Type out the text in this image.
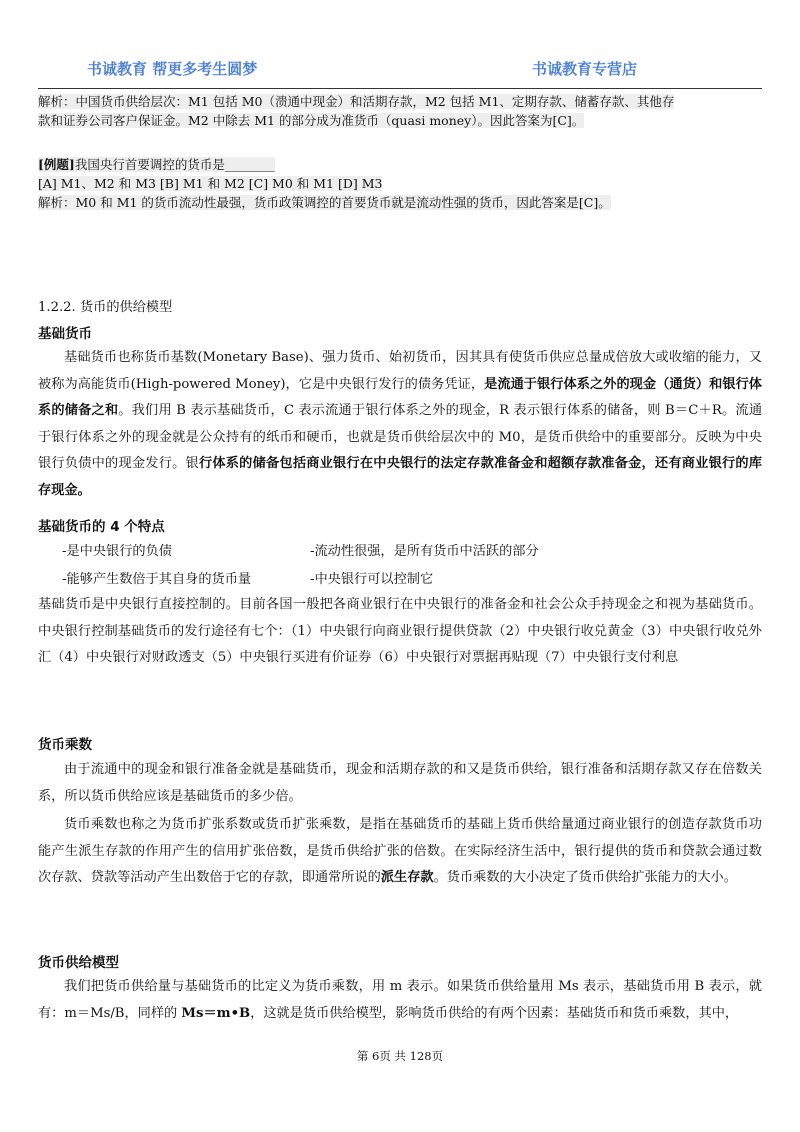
书诚教育 帮更多考生圆梦	书诚教育专营店
解析：中国货币供给层次：M1 包括 M0（溃通中现金）和活期存款，M2 包括 M1、定期存款、储蓄存款、其他存
款和证券公司客户保证金。M2 中除去 M1 的部分成为准货币（quasi money）。因此答案为[C]。
[例题]我国央行首要调控的货币是________
[A] M1、M2 和 M3 [B] M1 和 M2 [C] M0 和 M1 [D] M3
解析：M0 和 M1 的货币流动性最强，货币政策调控的首要货币就是流动性强的货币，因此答案是[C]。
1.2.2. 货币的供给模型
基础货币
基础货币也称货币基数(Monetary Base)、强力货币、始初货币，因其具有使货币供应总量成倍放大或收缩的能力，又被称为高能货币(High-powered Money)，它是中央银行发行的债务凭证，是流通于银行体系之外的现金（通货）和银行体系的储备之和。我们用 B 表示基础货币，C 表示流通于银行体系之外的现金，R 表示银行体系的储备，则 B＝C＋R。流通于银行体系之外的现金就是公众持有的纸币和硬币，也就是货币供给层次中的 M0，是货币供给中的重要部分。反映为中央银行负债中的现金发行。银行体系的储备包括商业银行在中央银行的法定存款准备金和超额存款准备金，还有商业银行的库存现金。
基础货币的 4 个特点
-是中央银行的负债	-流动性很强，是所有货币中活跃的部分
-能够产生数倍于其自身的货币量	-中央银行可以控制它
基础货币是中央银行直接控制的。目前各国一般把各商业银行在中央银行的准备金和社会公众手持现金之和视为基础货币。中央银行控制基础货币的发行途径有七个：（1）中央银行向商业银行提供贷款（2）中央银行收兑黄金（3）中央银行收兑外汇（4）中央银行对财政透支（5）中央银行买进有价证券（6）中央银行对票据再贴现（7）中央银行支付利息
货币乘数
由于流通中的现金和银行准备金就是基础货币，现金和活期存款的和又是货币供给，银行准备和活期存款又存在倍数关系，所以货币供给应该是基础货币的多少倍。
货币乘数也称之为货币扩张系数或货币扩张乘数，是指在基础货币的基础上货币供给量通过商业银行的创造存款货币功能产生派生存款的作用产生的信用扩张倍数，是货币供给扩张的倍数。在实际经济生活中，银行提供的货币和贷款会通过数次存款、贷款等活动产生出数倍于它的存款，即通常所说的派生存款。货币乘数的大小决定了货币供给扩张能力的大小。
货币供给模型
我们把货币供给量与基础货币的比定义为货币乘数，用 m 表示。如果货币供给量用 Ms 表示，基础货币用 B 表示，就有：m＝Ms/B，同样的 Ms＝m•B，这就是货币供给模型，影响货币供给的有两个因素：基础货币和货币乘数，其中，
第 6页 共 128页
